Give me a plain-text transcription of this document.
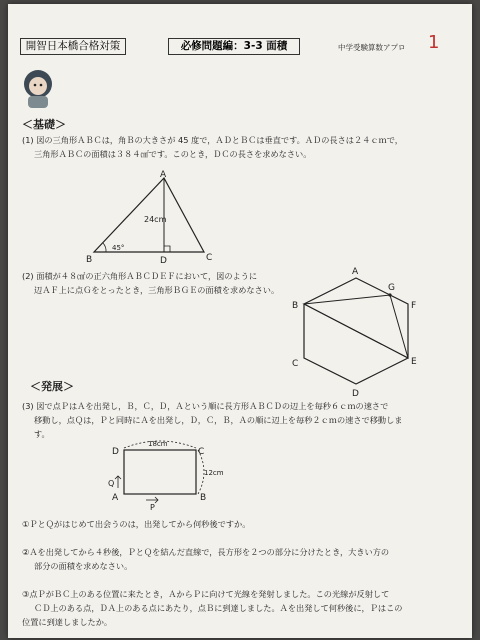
開智日本橋合格対策	必修問題編：3-3 面積	中学受験算数アプロ 1
＜基礎＞
(1) 図の三角形ＡＢＣは，角Ｂの大きさが 45 度で，ＡＤとＢＣは垂直です。ＡＤの長さは２４ｃｍで，
三角形ＡＢＣの面積は３８４㎠です。このとき，ＤＣの長さを求めなさい。
A
B	C
D
24cm
45°
(2) 面積が４８㎠の正六角形ＡＢＣＤＥＦにおいて，図のように
辺ＡＦ上に点Ｇをとったとき，三角形ＢＧＥの面積を求めなさい。
A
B
C
D
E
F
G
＜発展＞
(3) 図で点ＰはＡを出発し，Ｂ，Ｃ，Ｄ，Ａという順に長方形ＡＢＣＤの辺上を毎秒６ｃｍの速さで
移動し，点Ｑは，Ｐと同時にＡを出発し，Ｄ，Ｃ，Ｂ，Ａの順に辺上を毎秒２ｃｍの速さで移動しま
す。
D	C
A	B
Q
P
18cm
12cm
①ＰとＱがはじめて出会うのは，出発してから何秒後ですか。
②Ａを出発してから４秒後，ＰとＱを結んだ直線で，長方形を２つの部分に分けたとき，大きい方の
部分の面積を求めなさい。
③点ＰがＢＣ上のある位置に来たとき，ＡからＰに向けて光線を発射しました。この光線が反射して
ＣＤ上のある点，ＤＡ上のある点にあたり，点Ｂに到達しました。Ａを出発して何秒後に，Ｐはこの
位置に到達しましたか。
